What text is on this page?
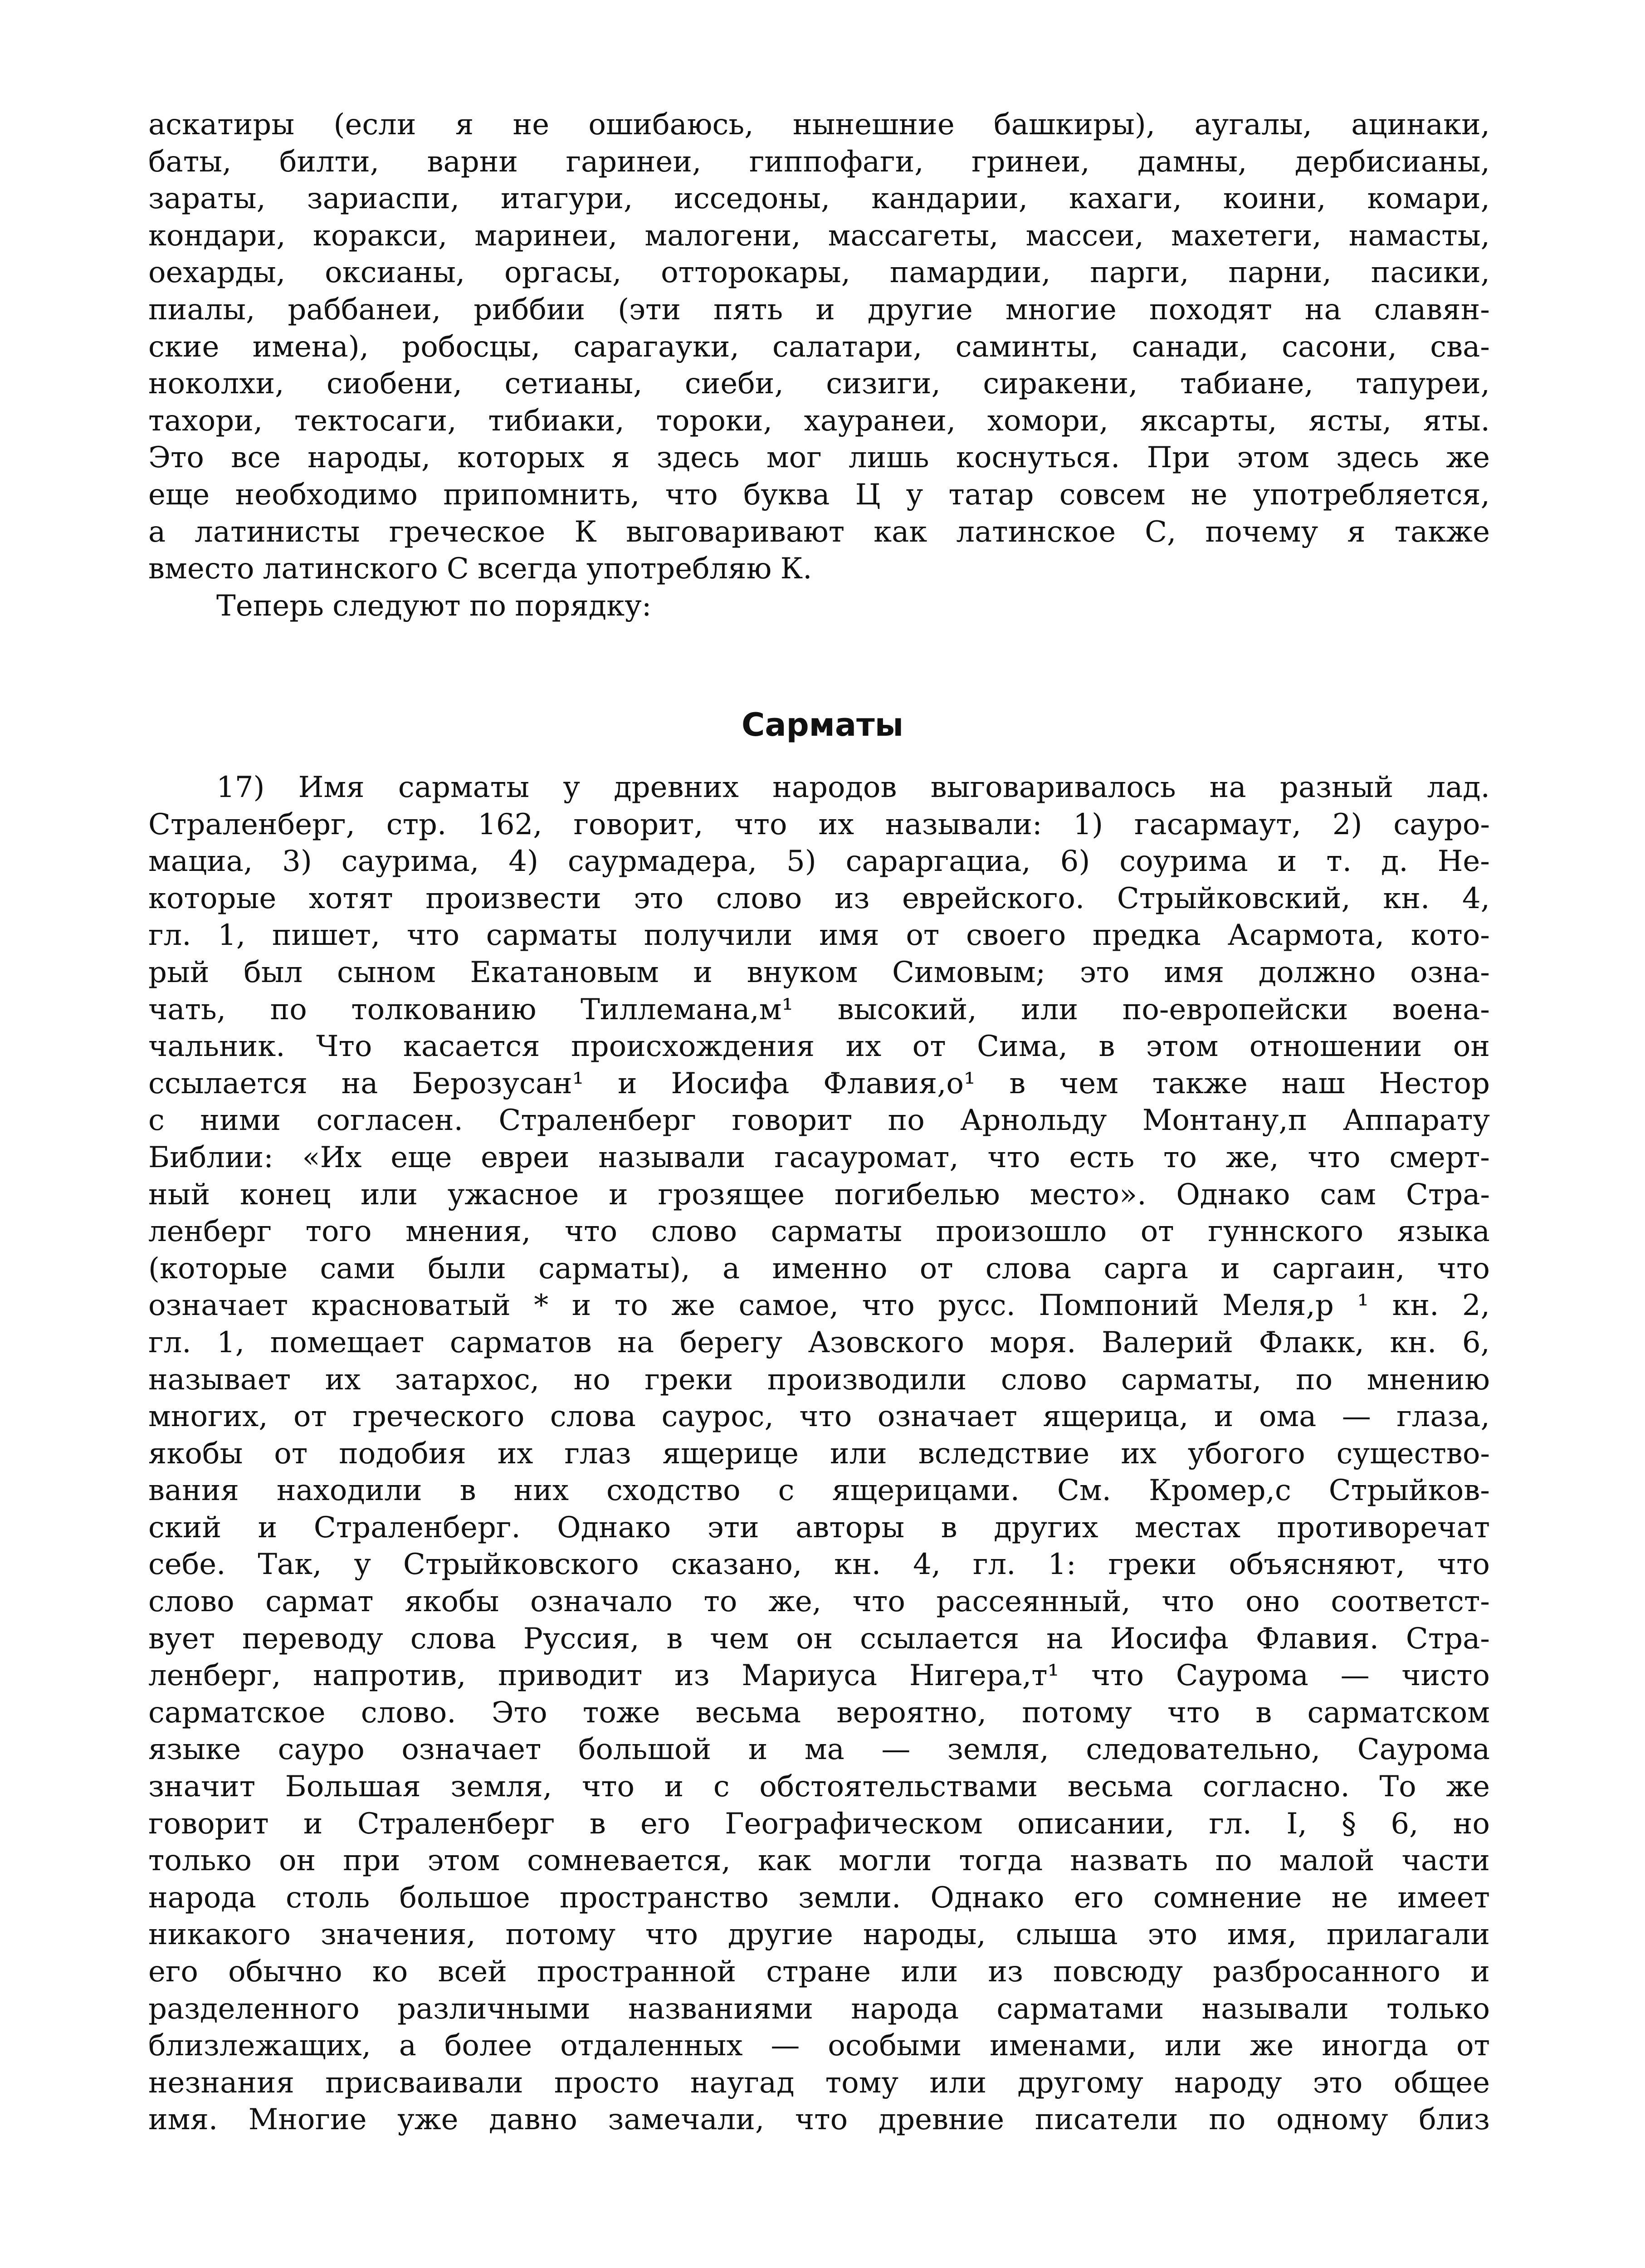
аскатиры (если я не ошибаюсь, нынешние башкиры), аугалы, ацинаки,
баты, билти, варни гаринеи, гиппофаги, гринеи, дамны, дербисианы,
зараты, зариаспи, итагури, исседоны, кандарии, кахаги, коини, комари,
кондари, коракси, маринеи, малогени, массагеты, массеи, махетеги, намасты,
оехарды, оксианы, оргасы, отторокары, памардии, парги, парни, пасики,
пиалы, раббанеи, риббии (эти пять и другие многие походят на славян-
ские имена), робосцы, сарагауки, салатари, саминты, санади, сасони, сва-
ноколхи, сиобени, сетианы, сиеби, сизиги, сиракени, табиане, тапуреи,
тахори, тектосаги, тибиаки, тороки, хауранеи, хомори, яксарты, ясты, яты.
Это все народы, которых я здесь мог лишь коснуться. При этом здесь же
еще необходимо припомнить, что буква Ц у татар совсем не употребляется,
а латинисты греческое К выговаривают как латинское С, почему я также
вместо латинского С всегда употребляю К.
Теперь следуют по порядку:
Сарматы
17) Имя сарматы у древних народов выговаривалось на разный лад.
Страленберг, стр. 162, говорит, что их называли: 1) гасармаут, 2) сауро-
мациа, 3) саурима, 4) саурмадера, 5) сараргациа, 6) соурима и т. д. Не-
которые хотят произвести это слово из еврейского. Стрыйковский, кн. 4,
гл. 1, пишет, что сарматы получили имя от своего предка Асармота, кото-
рый был сыном Екатановым и внуком Симовым; это имя должно озна-
чать, по толкованию Тиллемана,м¹ высокий, или по-европейски воена-
чальник. Что касается происхождения их от Сима, в этом отношении он
ссылается на Берозусан¹ и Иосифа Флавия,о¹ в чем также наш Нестор
с ними согласен. Страленберг говорит по Арнольду Монтану,п Аппарату
Библии: «Их еще евреи называли гасауромат, что есть то же, что смерт-
ный конец или ужасное и грозящее погибелью место». Однако сам Стра-
ленберг того мнения, что слово сарматы произошло от гуннского языка
(которые сами были сарматы), а именно от слова сарга и саргаин, что
означает красноватый * и то же самое, что русс. Помпоний Меля,р ¹ кн. 2,
гл. 1, помещает сарматов на берегу Азовского моря. Валерий Флакк, кн. 6,
называет их затархос, но греки производили слово сарматы, по мнению
многих, от греческого слова саурос, что означает ящерица, и ома — глаза,
якобы от подобия их глаз ящерице или вследствие их убогого существо-
вания находили в них сходство с ящерицами. См. Кромер,с Стрыйков-
ский и Страленберг. Однако эти авторы в других местах противоречат
себе. Так, у Стрыйковского сказано, кн. 4, гл. 1: греки объясняют, что
слово сармат якобы означало то же, что рассеянный, что оно соответст-
вует переводу слова Руссия, в чем он ссылается на Иосифа Флавия. Стра-
ленберг, напротив, приводит из Мариуса Нигера,т¹ что Саурома — чисто
сарматское слово. Это тоже весьма вероятно, потому что в сарматском
языке сауро означает большой и ма — земля, следовательно, Саурома
значит Большая земля, что и с обстоятельствами весьма согласно. То же
говорит и Страленберг в его Географическом описании, гл. I, § 6, но
только он при этом сомневается, как могли тогда назвать по малой части
народа столь большое пространство земли. Однако его сомнение не имеет
никакого значения, потому что другие народы, слыша это имя, прилагали
его обычно ко всей пространной стране или из повсюду разбросанного и
разделенного различными названиями народа сарматами называли только
близлежащих, а более отдаленных — особыми именами, или же иногда от
незнания присваивали просто наугад тому или другому народу это общее
имя. Многие уже давно замечали, что древние писатели по одному близ
